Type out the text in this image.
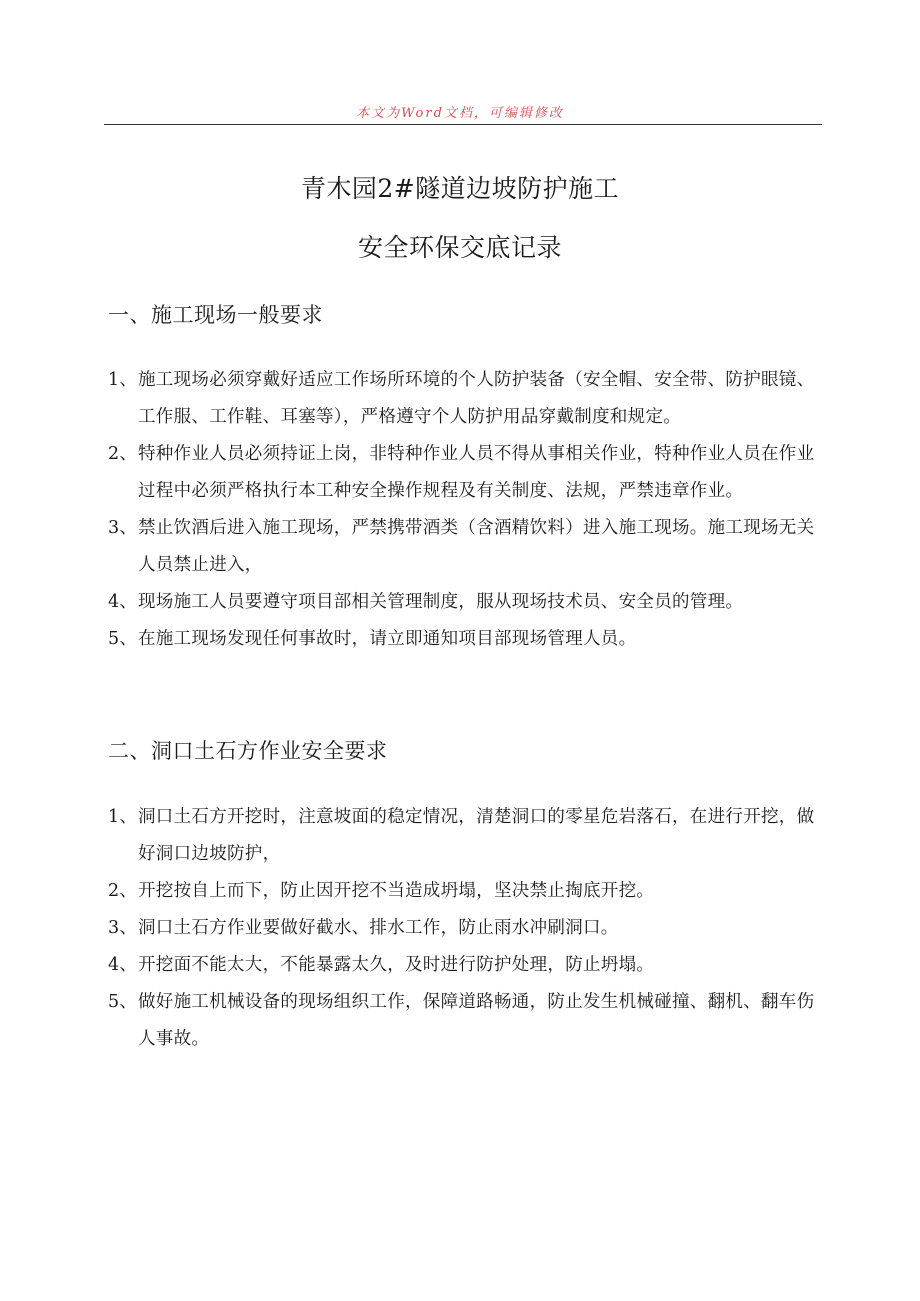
本文为Word文档，可编辑修改
青木园2#隧道边坡防护施工
安全环保交底记录
一、施工现场一般要求
1、 施工现场必须穿戴好适应工作场所环境的个人防护装备（安全帽、安全带、防护眼镜、工作服、工作鞋、耳塞等），严格遵守个人防护用品穿戴制度和规定。
2、 特种作业人员必须持证上岗，非特种作业人员不得从事相关作业，特种作业人员在作业过程中必须严格执行本工种安全操作规程及有关制度、法规，严禁违章作业。
3、 禁止饮酒后进入施工现场，严禁携带酒类（含酒精饮料）进入施工现场。施工现场无关人员禁止进入，
4、 现场施工人员要遵守项目部相关管理制度，服从现场技术员、安全员的管理。
5、 在施工现场发现任何事故时，请立即通知项目部现场管理人员。
二、洞口土石方作业安全要求
1、 洞口土石方开挖时，注意坡面的稳定情况，清楚洞口的零星危岩落石，在进行开挖，做好洞口边坡防护，
2、 开挖按自上而下，防止因开挖不当造成坍塌，坚决禁止掏底开挖。
3、 洞口土石方作业要做好截水、排水工作，防止雨水冲刷洞口。
4、 开挖面不能太大，不能暴露太久，及时进行防护处理，防止坍塌。
5、 做好施工机械设备的现场组织工作，保障道路畅通，防止发生机械碰撞、翻机、翻车伤人事故。
